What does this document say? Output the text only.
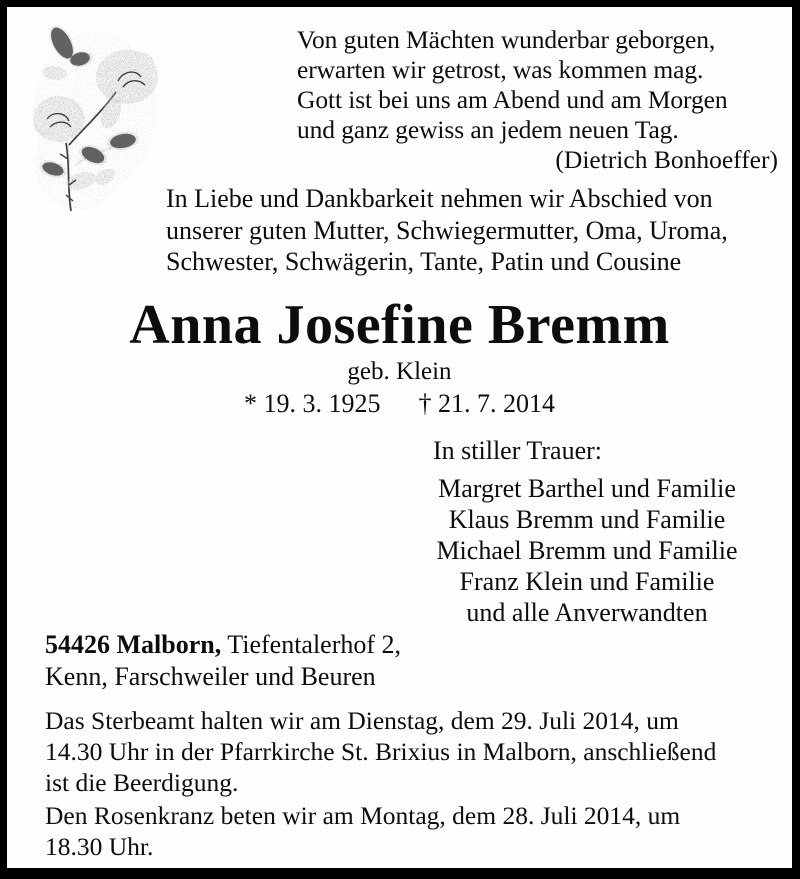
Von guten Mächten wunderbar geborgen,
erwarten wir getrost, was kommen mag.
Gott ist bei uns am Abend und am Morgen
und ganz gewiss an jedem neuen Tag.
(Dietrich Bonhoeffer)
In Liebe und Dankbarkeit nehmen wir Abschied von
unserer guten Mutter, Schwiegermutter, Oma, Uroma,
Schwester, Schwägerin, Tante, Patin und Cousine
Anna Josefine Bremm
geb. Klein
* 19. 3. 1925 † 21. 7. 2014
In stiller Trauer:
Margret Barthel und Familie
Klaus Bremm und Familie
Michael Bremm und Familie
Franz Klein und Familie
und alle Anverwandten
54426 Malborn, Tiefentalerhof 2,
Kenn, Farschweiler und Beuren
Das Sterbeamt halten wir am Dienstag, dem 29. Juli 2014, um
14.30 Uhr in der Pfarrkirche St. Brixius in Malborn, anschließend
ist die Beerdigung.
Den Rosenkranz beten wir am Montag, dem 28. Juli 2014, um
18.30 Uhr.
